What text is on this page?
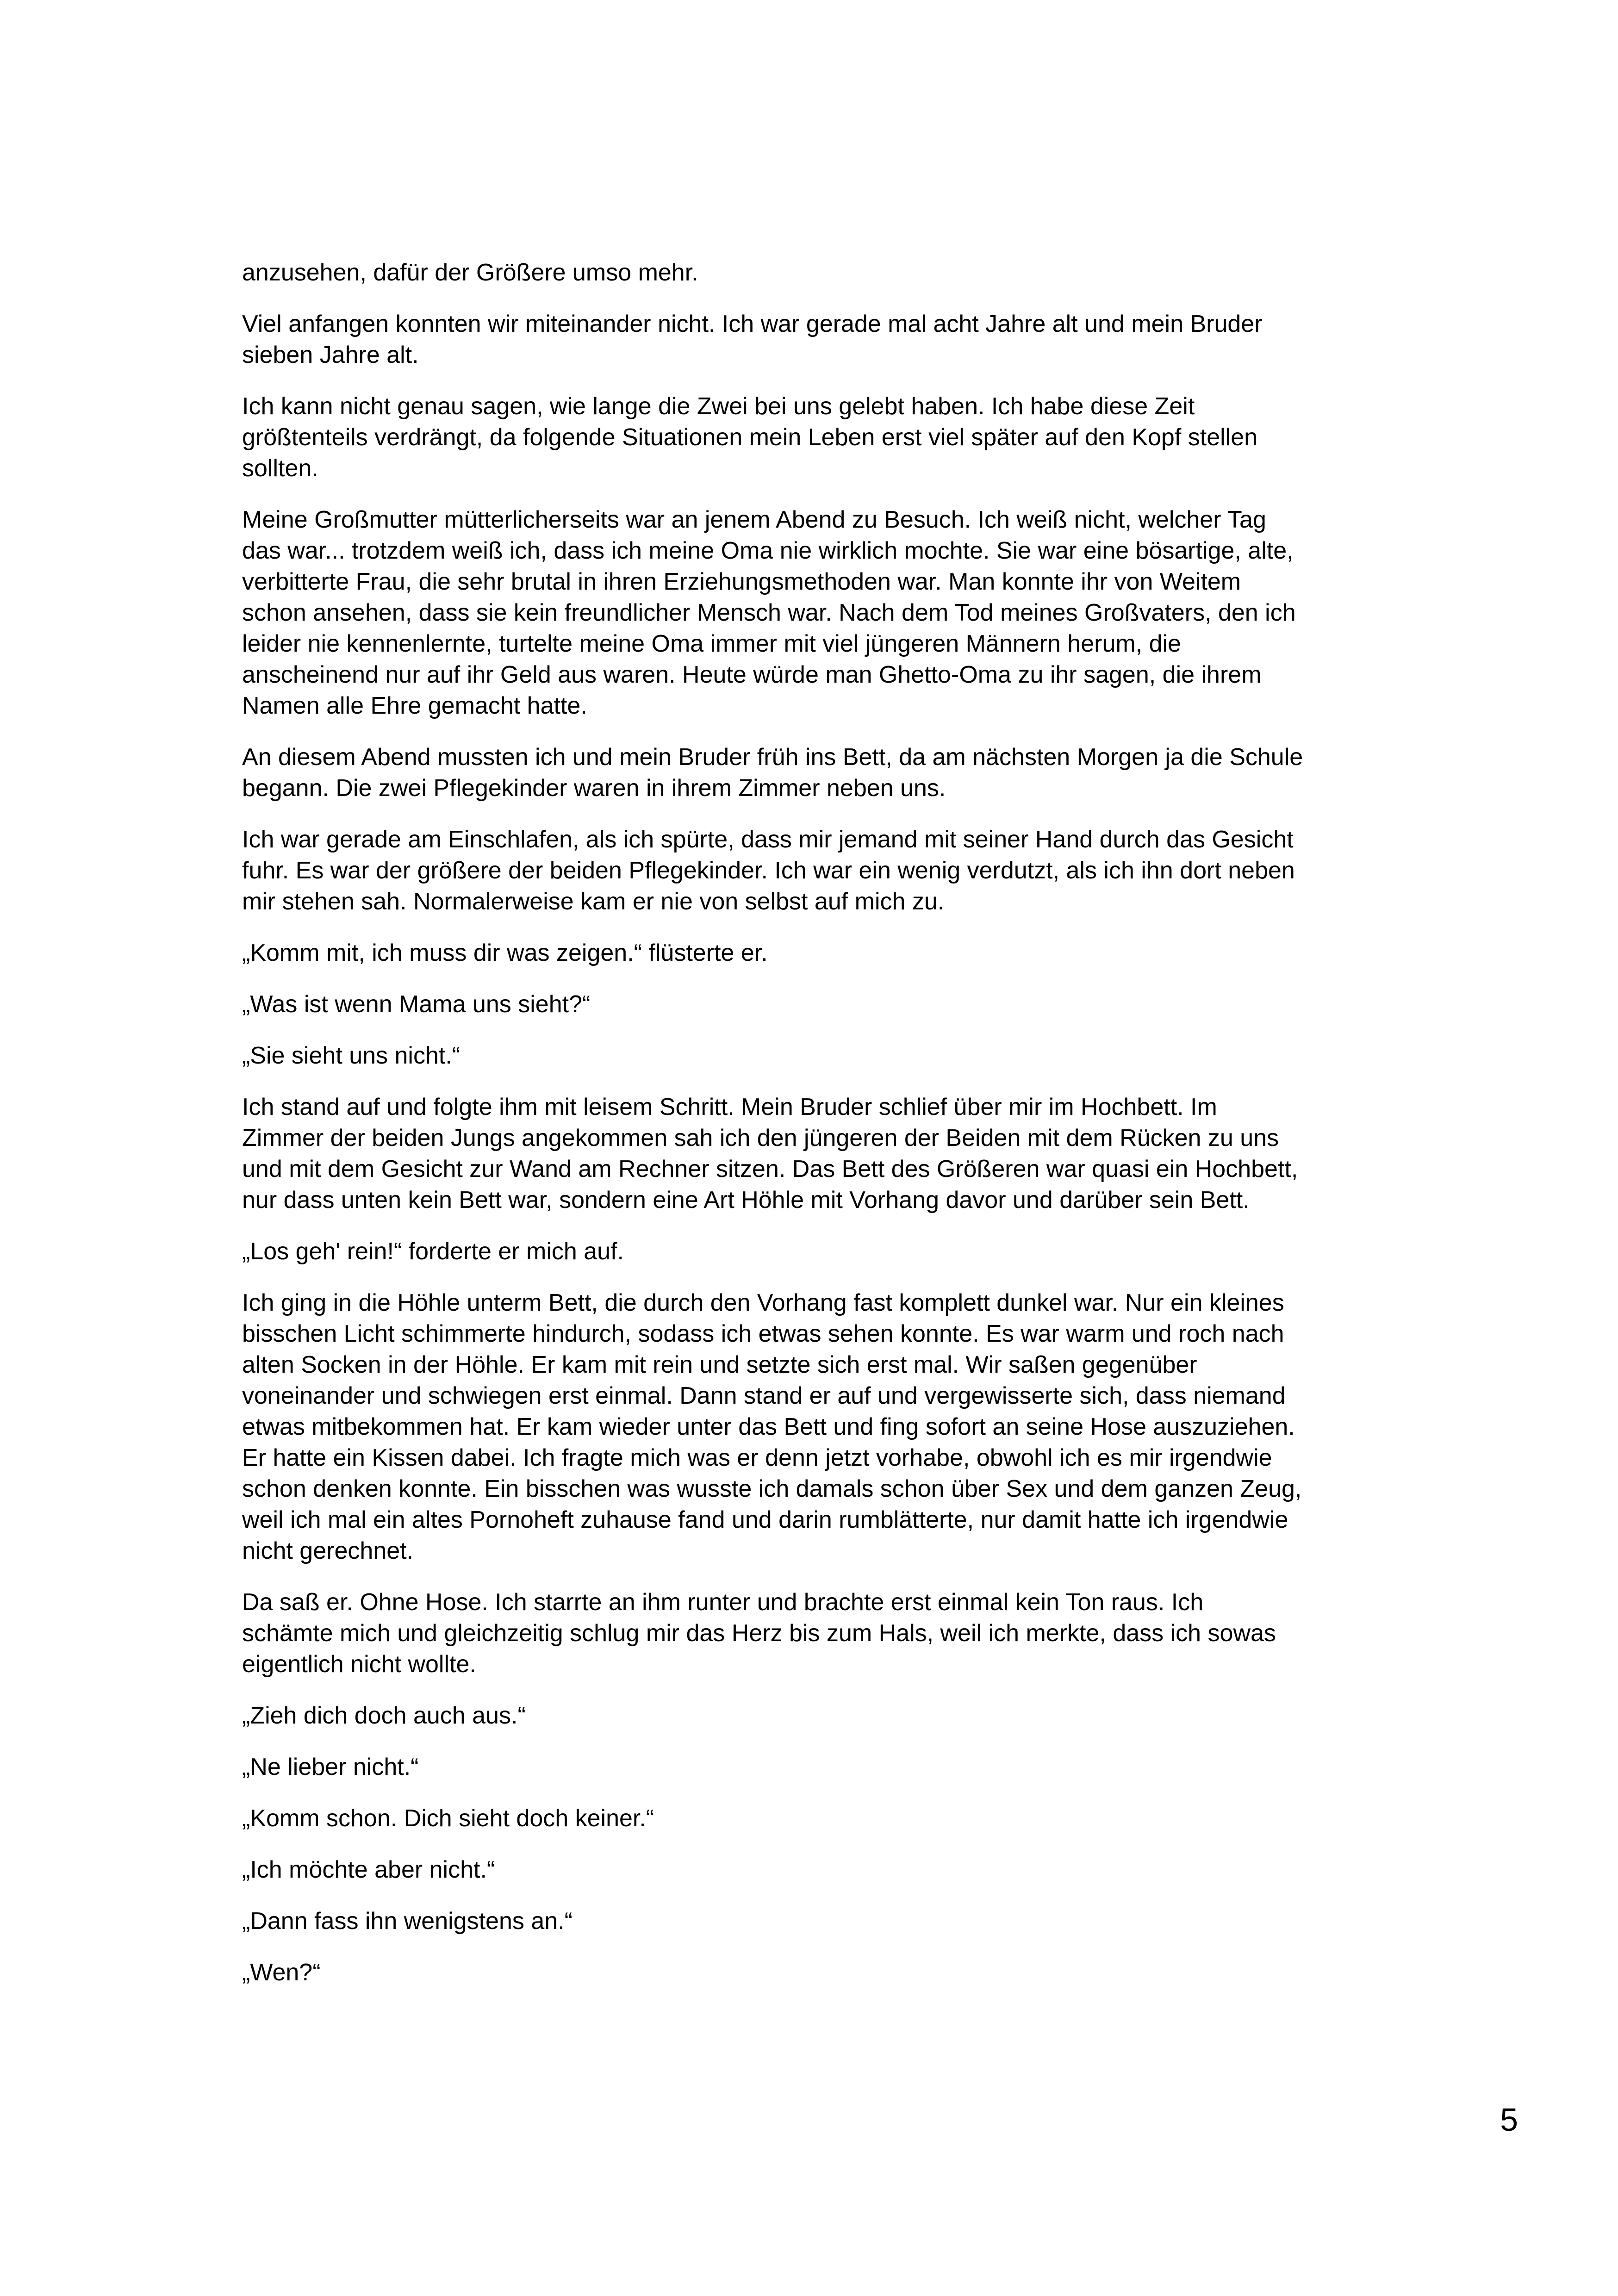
anzusehen, dafür der Größere umso mehr.

Viel anfangen konnten wir miteinander nicht. Ich war gerade mal acht Jahre alt und mein Bruder
sieben Jahre alt.

Ich kann nicht genau sagen, wie lange die Zwei bei uns gelebt haben. Ich habe diese Zeit
größtenteils verdrängt, da folgende Situationen mein Leben erst viel später auf den Kopf stellen
sollten.

Meine Großmutter mütterlicherseits war an jenem Abend zu Besuch. Ich weiß nicht, welcher Tag
das war... trotzdem weiß ich, dass ich meine Oma nie wirklich mochte. Sie war eine bösartige, alte,
verbitterte Frau, die sehr brutal in ihren Erziehungsmethoden war. Man konnte ihr von Weitem
schon ansehen, dass sie kein freundlicher Mensch war. Nach dem Tod meines Großvaters, den ich
leider nie kennenlernte, turtelte meine Oma immer mit viel jüngeren Männern herum, die
anscheinend nur auf ihr Geld aus waren. Heute würde man Ghetto-Oma zu ihr sagen, die ihrem
Namen alle Ehre gemacht hatte.

An diesem Abend mussten ich und mein Bruder früh ins Bett, da am nächsten Morgen ja die Schule
begann. Die zwei Pflegekinder waren in ihrem Zimmer neben uns.

Ich war gerade am Einschlafen, als ich spürte, dass mir jemand mit seiner Hand durch das Gesicht
fuhr. Es war der größere der beiden Pflegekinder. Ich war ein wenig verdutzt, als ich ihn dort neben
mir stehen sah. Normalerweise kam er nie von selbst auf mich zu.

„Komm mit, ich muss dir was zeigen.“ flüsterte er.

„Was ist wenn Mama uns sieht?“

„Sie sieht uns nicht.“

Ich stand auf und folgte ihm mit leisem Schritt. Mein Bruder schlief über mir im Hochbett. Im
Zimmer der beiden Jungs angekommen sah ich den jüngeren der Beiden mit dem Rücken zu uns
und mit dem Gesicht zur Wand am Rechner sitzen. Das Bett des Größeren war quasi ein Hochbett,
nur dass unten kein Bett war, sondern eine Art Höhle mit Vorhang davor und darüber sein Bett.

„Los geh' rein!“ forderte er mich auf.

Ich ging in die Höhle unterm Bett, die durch den Vorhang fast komplett dunkel war. Nur ein kleines
bisschen Licht schimmerte hindurch, sodass ich etwas sehen konnte. Es war warm und roch nach
alten Socken in der Höhle. Er kam mit rein und setzte sich erst mal. Wir saßen gegenüber
voneinander und schwiegen erst einmal. Dann stand er auf und vergewisserte sich, dass niemand
etwas mitbekommen hat. Er kam wieder unter das Bett und fing sofort an seine Hose auszuziehen.
Er hatte ein Kissen dabei. Ich fragte mich was er denn jetzt vorhabe, obwohl ich es mir irgendwie
schon denken konnte. Ein bisschen was wusste ich damals schon über Sex und dem ganzen Zeug,
weil ich mal ein altes Pornoheft zuhause fand und darin rumblätterte, nur damit hatte ich irgendwie
nicht gerechnet.

Da saß er. Ohne Hose. Ich starrte an ihm runter und brachte erst einmal kein Ton raus. Ich
schämte mich und gleichzeitig schlug mir das Herz bis zum Hals, weil ich merkte, dass ich sowas
eigentlich nicht wollte.

„Zieh dich doch auch aus.“

„Ne lieber nicht.“

„Komm schon. Dich sieht doch keiner.“

„Ich möchte aber nicht.“

„Dann fass ihn wenigstens an.“

„Wen?“

5
